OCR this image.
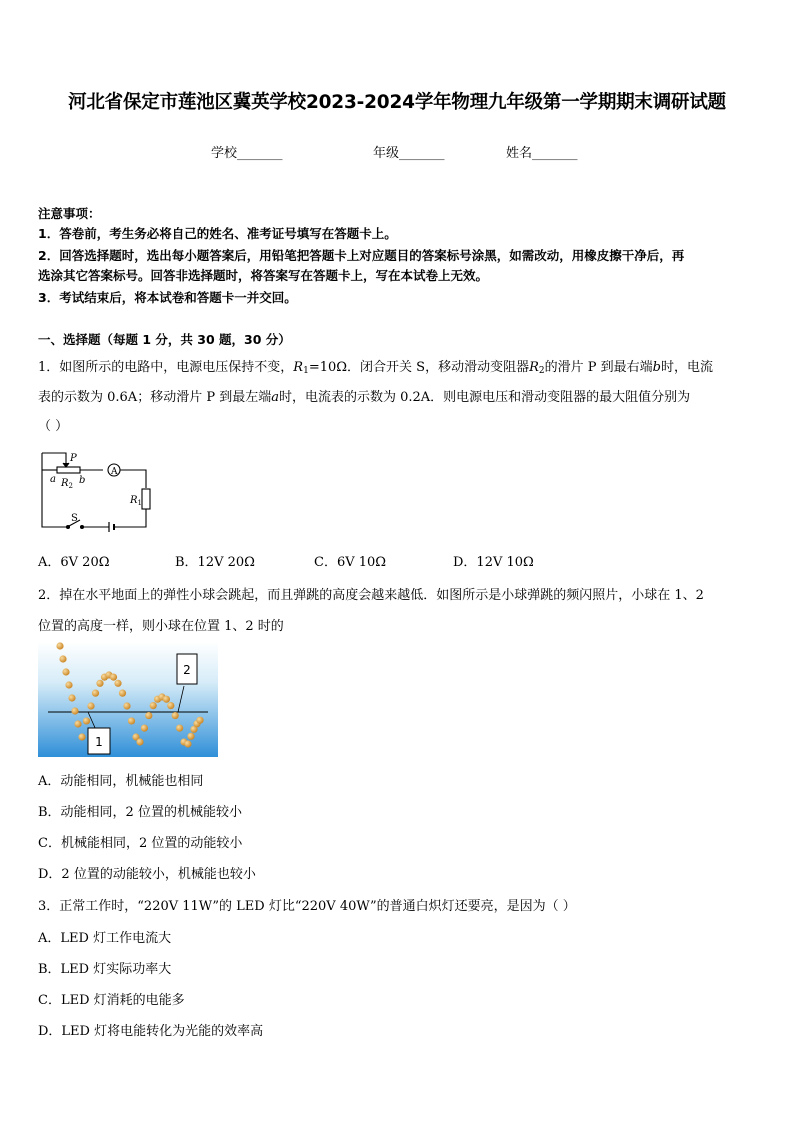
河北省保定市莲池区冀英学校2023-2024学年物理九年级第一学期期末调研试题
学校_______	年级_______	姓名_______
注意事项：
1．答卷前，考生务必将自己的姓名、准考证号填写在答题卡上。
2．回答选择题时，选出每小题答案后，用铅笔把答题卡上对应题目的答案标号涂黑，如需改动，用橡皮擦干净后，再
选涂其它答案标号。回答非选择题时，将答案写在答题卡上，写在本试卷上无效。
3．考试结束后，将本试卷和答题卡一并交回。
一、选择题（每题 1 分，共 30 题，30 分）
1．如图所示的电路中，电源电压保持不变，$R_1=10\Omega$．闭合开关 S，移动滑动变阻器$R_2$的滑片 P 到最右端b时，电流
表的示数为 0.6A；移动滑片 P 到最左端a时，电流表的示数为 0.2A．则电源电压和滑动变阻器的最大阻值分别为
（ ）
P
A
a $R_2$ b
$R_1$
S
A．6V 20Ω	B．12V 20Ω	C．6V 10Ω	D．12V 10Ω
2．掉在水平地面上的弹性小球会跳起，而且弹跳的高度会越来越低．如图所示是小球弹跳的频闪照片，小球在 1、2
位置的高度一样，则小球在位置 1、2 时的
1
2
A．动能相同，机械能也相同
B．动能相同，2 位置的机械能较小
C．机械能相同，2 位置的动能较小
D．2 位置的动能较小，机械能也较小
3．正常工作时，“220V 11W”的 LED 灯比“220V 40W”的普通白炽灯还要亮，是因为（ ）
A．LED 灯工作电流大
B．LED 灯实际功率大
C．LED 灯消耗的电能多
D．LED 灯将电能转化为光能的效率高
